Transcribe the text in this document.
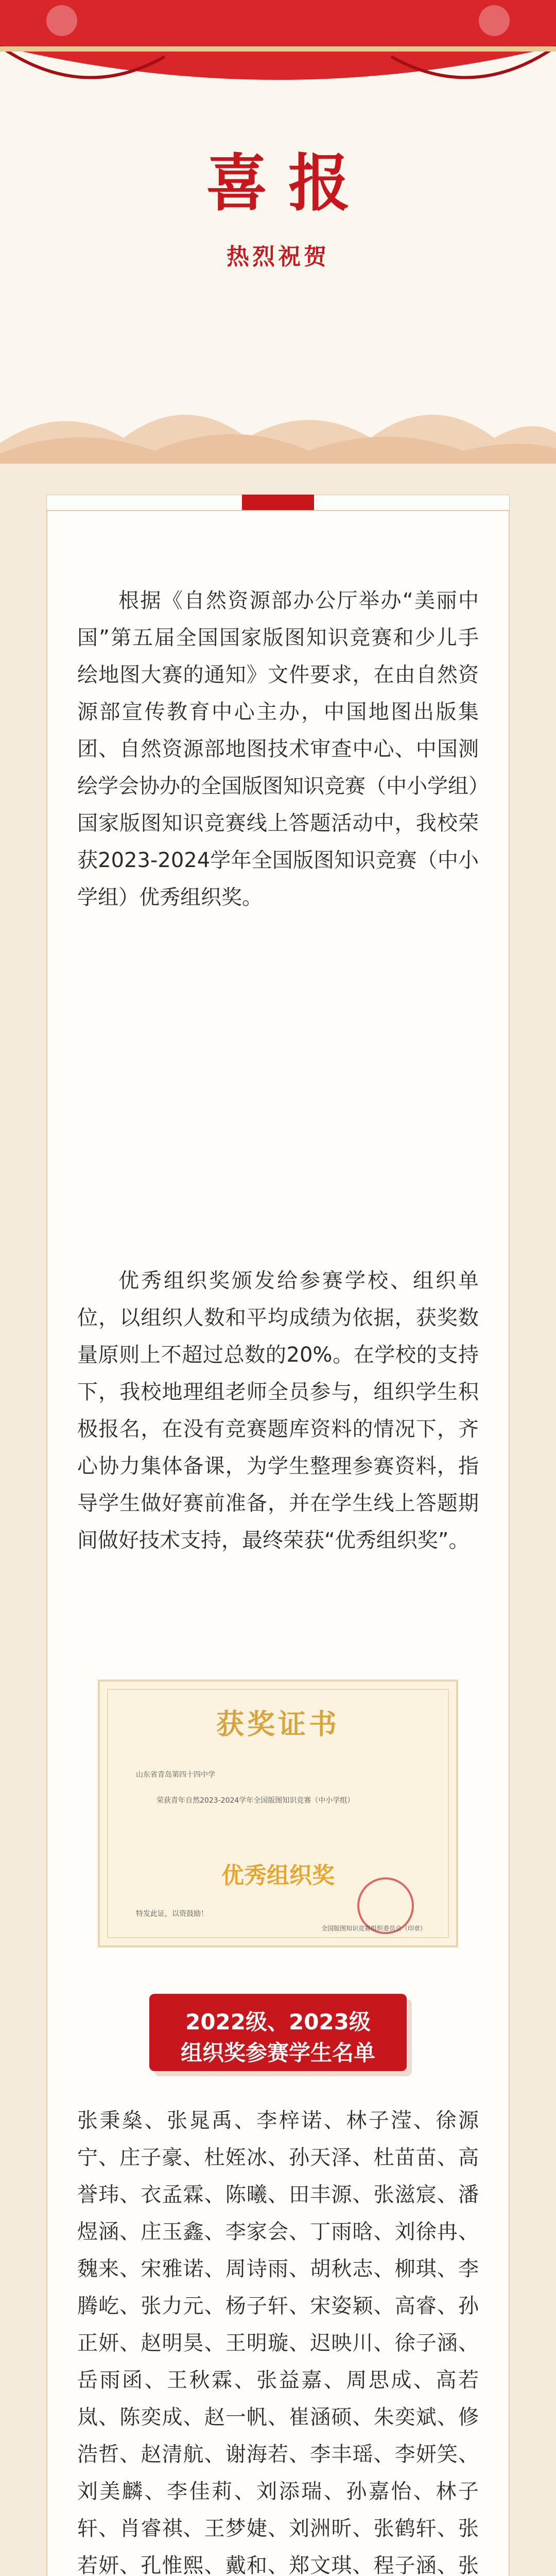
喜报
热烈祝贺
根据《自然资源部办公厅举办“美丽中国”第五届全国国家版图知识竞赛和少儿手绘地图大赛的通知》文件要求，在由自然资源部宣传教育中心主办，中国地图出版集团、自然资源部地图技术审查中心、中国测绘学会协办的全国版图知识竞赛（中小学组）国家版图知识竞赛线上答题活动中，我校荣获2023-2024学年全国版图知识竞赛（中小学组）优秀组织奖。
优秀组织奖颁发给参赛学校、组织单位，以组织人数和平均成绩为依据，获奖数量原则上不超过总数的20%。在学校的支持下，我校地理组老师全员参与，组织学生积极报名，在没有竞赛题库资料的情况下，齐心协力集体备课，为学生整理参赛资料，指导学生做好赛前准备，并在学生线上答题期间做好技术支持，最终荣获“优秀组织奖”。
获奖证书
山东省青岛第四十四中学
荣获青年自然2023-2024学年全国版图知识竞赛（中小学组）
优秀组织奖
特发此证，以资鼓励！
全国版图知识竞赛组织委员会（印章）
2022级、2023级
组织奖参赛学生名单
张秉燊、张晁禹、李梓诺、林子滢、徐源宁、庄子豪、杜姪冰、孙天泽、杜苗苗、高誉玮、衣孟霖、陈曦、田丰源、张滋宸、潘煜涵、庄玉鑫、李家会、丁雨晗、刘徐冉、魏来、宋雅诺、周诗雨、胡秋志、柳琪、李腾屹、张力元、杨子轩、宋姿颖、高睿、孙正妍、赵明昊、王明璇、迟映川、徐子涵、岳雨函、王秋霖、张益嘉、周思成、高若岚、陈奕成、赵一帆、崔涵硕、朱奕斌、修浩哲、赵清航、谢海若、李丰瑶、李妍笑、刘美麟、李佳莉、刘添瑞、孙嘉怡、林子轩、肖睿祺、王梦婕、刘洲昕、张鹤轩、张若妍、孔惟熙、戴和、郑文琪、程子涵、张
